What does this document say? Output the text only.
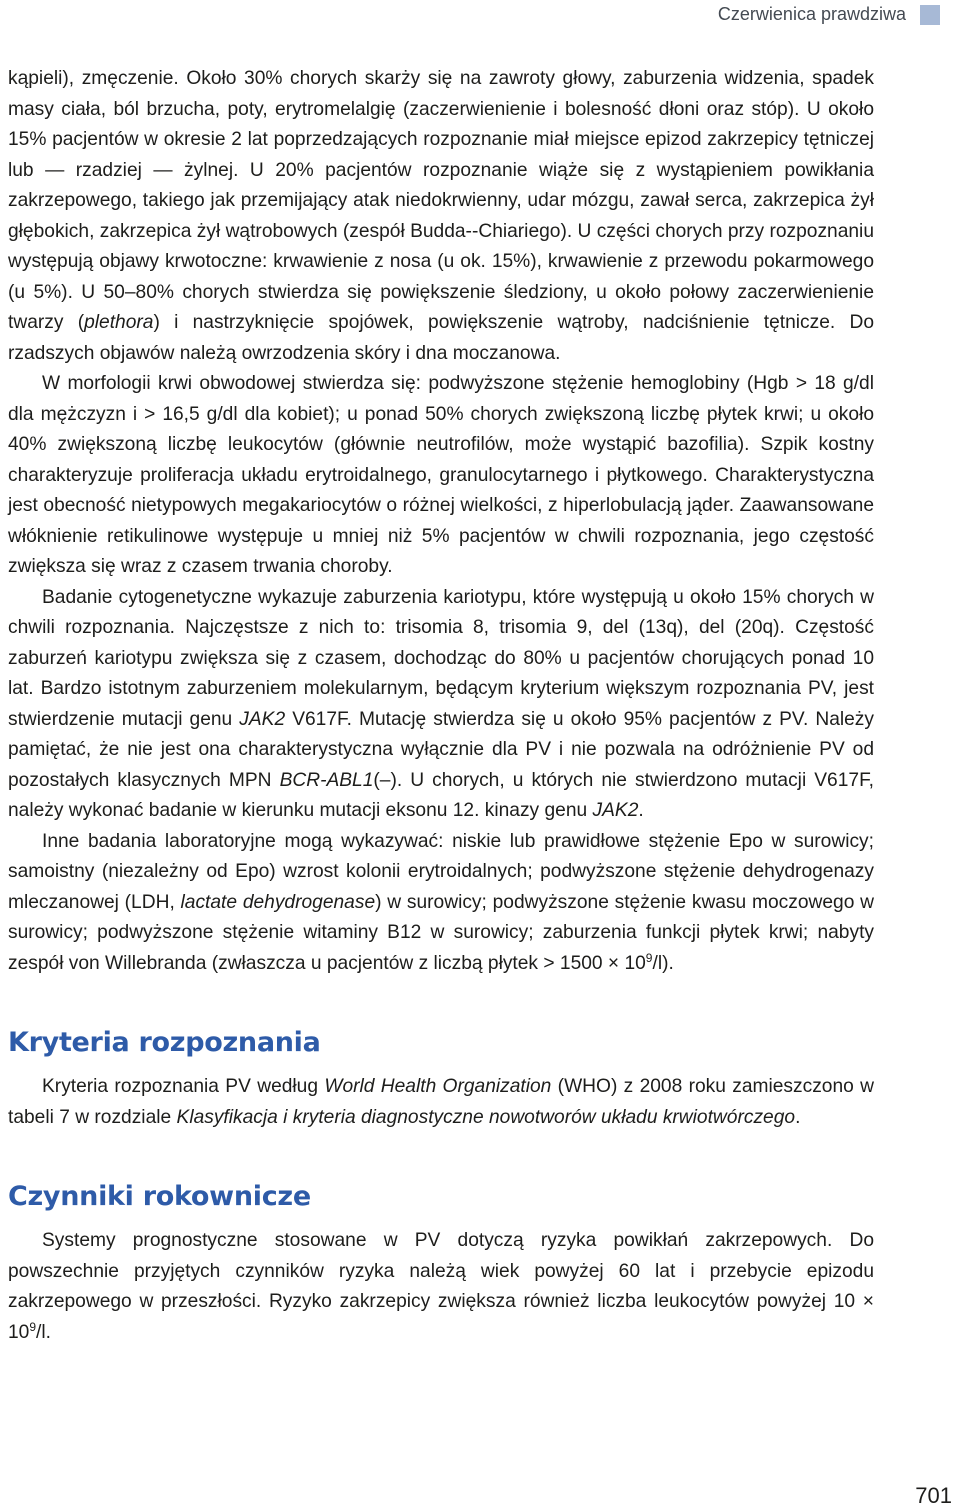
Czerwienica prawdziwa

kąpieli), zmęczenie. Około 30% chorych skarży się na zawroty głowy, zaburzenia widzenia, spadek masy ciała, ból brzucha, poty, erytromelalgię (zaczerwienienie i bolesność dłoni oraz stóp). U około 15% pacjentów w okresie 2 lat poprzedzających rozpoznanie miał miejsce epizod zakrzepicy tętniczej lub — rzadziej — żylnej. U 20% pacjentów rozpoznanie wiąże się z wystąpieniem powikłania zakrzepowego, takiego jak przemijający atak niedokrwienny, udar mózgu, zawał serca, zakrzepica żył głębokich, zakrzepica żył wątrobowych (zespół Budda--Chiariego). U części chorych przy rozpoznaniu występują objawy krwotoczne: krwawienie z nosa (u ok. 15%), krwawienie z przewodu pokarmowego (u 5%). U 50–80% chorych stwierdza się powiększenie śledziony, u około połowy zaczerwienienie twarzy (plethora) i nastrzyknięcie spojówek, powiększenie wątroby, nadciśnienie tętnicze. Do rzadszych objawów należą owrzodzenia skóry i dna moczanowa.

W morfologii krwi obwodowej stwierdza się: podwyższone stężenie hemoglobiny (Hgb > 18 g/dl dla mężczyzn i > 16,5 g/dl dla kobiet); u ponad 50% chorych zwiększoną liczbę płytek krwi; u około 40% zwiększoną liczbę leukocytów (głównie neutrofilów, może wystąpić bazofilia). Szpik kostny charakteryzuje proliferacja układu erytroidalnego, granulocytarnego i płytkowego. Charakterystyczna jest obecność nietypowych megakariocytów o różnej wielkości, z hiperlobulacją jąder. Zaawansowane włóknienie retikulinowe występuje u mniej niż 5% pacjentów w chwili rozpoznania, jego częstość zwiększa się wraz z czasem trwania choroby.

Badanie cytogenetyczne wykazuje zaburzenia kariotypu, które występują u około 15% chorych w chwili rozpoznania. Najczęstsze z nich to: trisomia 8, trisomia 9, del (13q), del (20q). Częstość zaburzeń kariotypu zwiększa się z czasem, dochodząc do 80% u pacjentów chorujących ponad 10 lat. Bardzo istotnym zaburzeniem molekularnym, będącym kryterium większym rozpoznania PV, jest stwierdzenie mutacji genu JAK2 V617F. Mutację stwierdza się u około 95% pacjentów z PV. Należy pamiętać, że nie jest ona charakterystyczna wyłącznie dla PV i nie pozwala na odróżnienie PV od pozostałych klasycznych MPN BCR-ABL1(–). U chorych, u których nie stwierdzono mutacji V617F, należy wykonać badanie w kierunku mutacji eksonu 12. kinazy genu JAK2.

Inne badania laboratoryjne mogą wykazywać: niskie lub prawidłowe stężenie Epo w surowicy; samoistny (niezależny od Epo) wzrost kolonii erytroidalnych; podwyższone stężenie dehydrogenazy mleczanowej (LDH, lactate dehydrogenase) w surowicy; podwyższone stężenie kwasu moczowego w surowicy; podwyższone stężenie witaminy B12 w surowicy; zaburzenia funkcji płytek krwi; nabyty zespół von Willebranda (zwłaszcza u pacjentów z liczbą płytek > $1500 \times 10^9/l$).

Kryteria rozpoznania

Kryteria rozpoznania PV według World Health Organization (WHO) z 2008 roku zamieszczono w tabeli 7 w rozdziale Klasyfikacja i kryteria diagnostyczne nowotworów układu krwiotwórczego.

Czynniki rokownicze

Systemy prognostyczne stosowane w PV dotyczą ryzyka powikłań zakrzepowych. Do powszechnie przyjętych czynników ryzyka należą wiek powyżej 60 lat i przebycie epizodu zakrzepowego w przeszłości. Ryzyko zakrzepicy zwiększa również liczba leukocytów powyżej $10 \times 10^9/l$.

701
